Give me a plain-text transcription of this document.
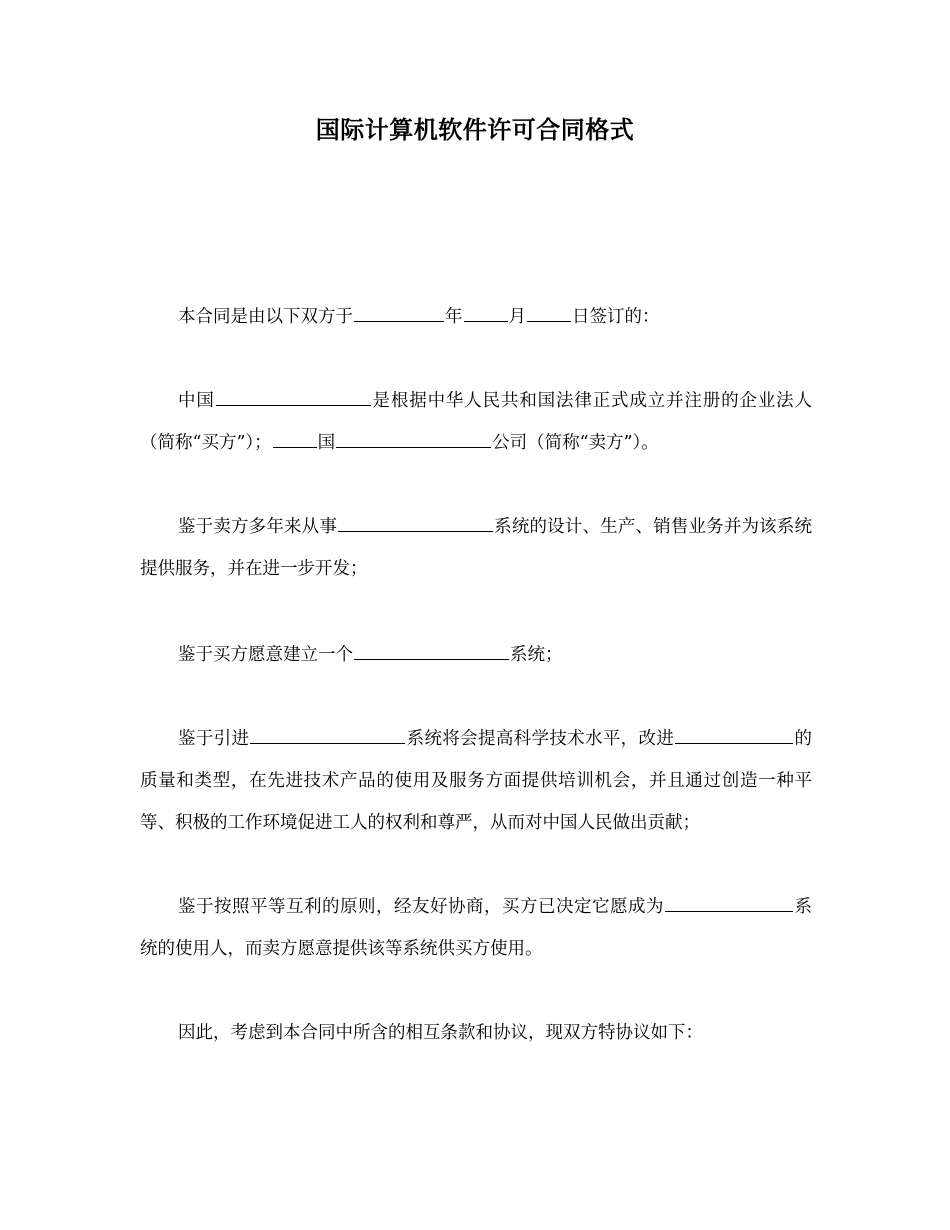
国际计算机软件许可合同格式

本合同是由以下双方于	年	月	日签订的：

中国	是根据中华人民共和国法律正式成立并注册的企业法人（简称“买方”）；	国	公司（简称“卖方”）。

鉴于卖方多年来从事	系统的设计、生产、销售业务并为该系统提供服务，并在进一步开发；

鉴于买方愿意建立一个	系统；

鉴于引进	系统将会提高科学技术水平，改进	的质量和类型，在先进技术产品的使用及服务方面提供培训机会，并且通过创造一种平等、积极的工作环境促进工人的权利和尊严，从而对中国人民做出贡献；

鉴于按照平等互利的原则，经友好协商，买方已决定它愿成为	系统的使用人，而卖方愿意提供该等系统供买方使用。

因此，考虑到本合同中所含的相互条款和协议，现双方特协议如下：
